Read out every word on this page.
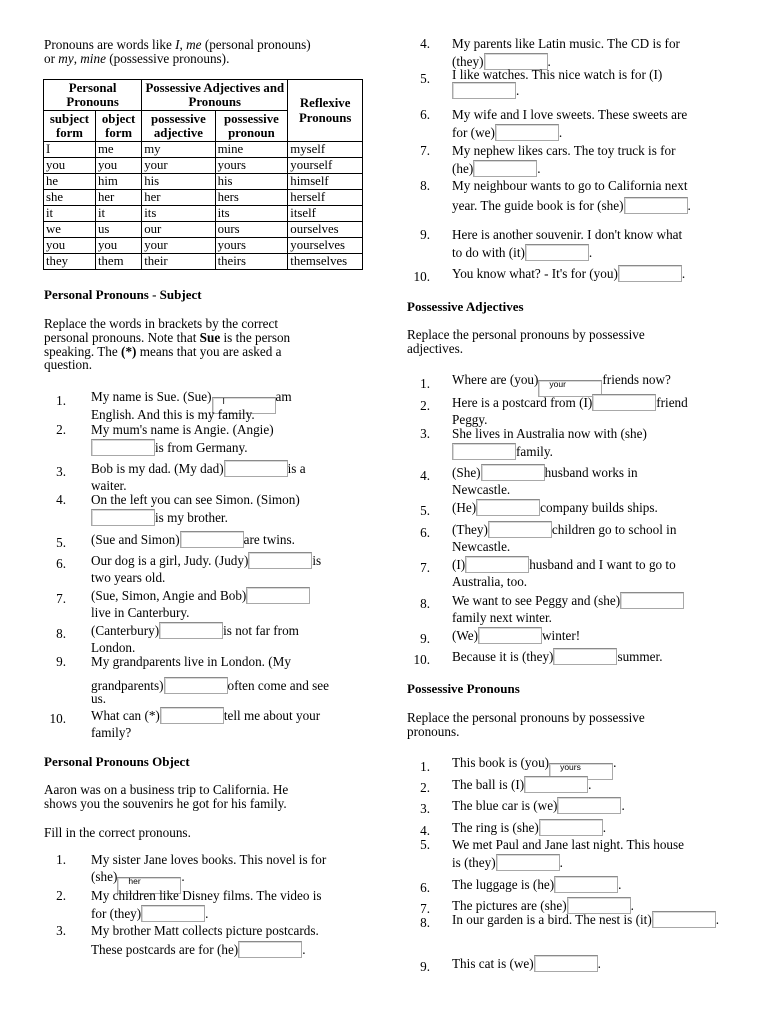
Pronouns are words like I, me (personal pronouns)

or my, mine (possessive pronouns).

Personal Pronouns		Possessive Adjectives and Pronouns		Reflexive Pronouns
subject form	object form	possessive adjective	possessive pronoun	
I	me	my	mine	myself
you	you	your	yours	yourself
he	him	his	his	himself
she	her	her	hers	herself
it	it	its	its	itself
we	us	our	ours	ourselves
you	you	your	yours	yourselves
they	them	their	theirs	themselves

Personal Pronouns - Subject

Replace the words in brackets by the correct

personal pronouns. Note that Sue is the person

speaking. The (*) means that you are asked a

question.

Personal Pronouns Object

Aaron was on a business trip to California. He

shows you the souvenirs he got for his family.

Fill in the correct pronouns.

Possessive Adjectives

Replace the personal pronouns by possessive

adjectives.

Possessive Pronouns

Replace the personal pronouns by possessive

pronouns.

1. My name is Sue. (Sue) I	am

English. And this is my family.

2. My mum's name is Angie. (Angie)

is from Germany.

3. Bob is my dad. (My dad)	is a

waiter.

4. On the left you can see Simon. (Simon)

is my brother.

5. (Sue and Simon)	are twins.

6. Our dog is a girl, Judy. (Judy)	is

two years old.

7. (Sue, Simon, Angie and Bob)

live in Canterbury.

8. (Canterbury)	is not far from

London.

9. My grandparents live in London. (My

grandparents)	often come and see

us.

10. What can (*)	tell me about your

family?

1. My sister Jane loves books. This novel is for

(she) her	.

2. My children like Disney films. The video is

for (they)	.

3. My brother Matt collects picture postcards.

These postcards are for (he)	.

4. My parents like Latin music. The CD is for

(they)	.

5. I like watches. This nice watch is for (I)

.

6. My wife and I love sweets. These sweets are

for (we)	.

7. My nephew likes cars. The toy truck is for

(he)	.

8. My neighbour wants to go to California next

year. The guide book is for (she)	.

9. Here is another souvenir. I don't know what

to do with (it)	.

10. You know what? - It's for (you)	.

1. Where are (you) your	friends now?

2. Here is a postcard from (I)	friend

Peggy.

3. She lives in Australia now with (she)

family.

4. (She)	husband works in

Newcastle.

5. (He)	company builds ships.

6. (They)	children go to school in

Newcastle.

7. (I)	husband and I want to go to

Australia, too.

8. We want to see Peggy and (she)

family next winter.

9. (We)	winter!

10. Because it is (they)	summer.

1. This book is (you) yours .

2. The ball is (I)	.

3. The blue car is (we)	.

4. The ring is (she)	.

5. We met Paul and Jane last night. This house

is (they)	.

6. The luggage is (he)	.

7. The pictures are (she)	.

8. In our garden is a bird. The nest is (it)	.

9. This cat is (we)	.
